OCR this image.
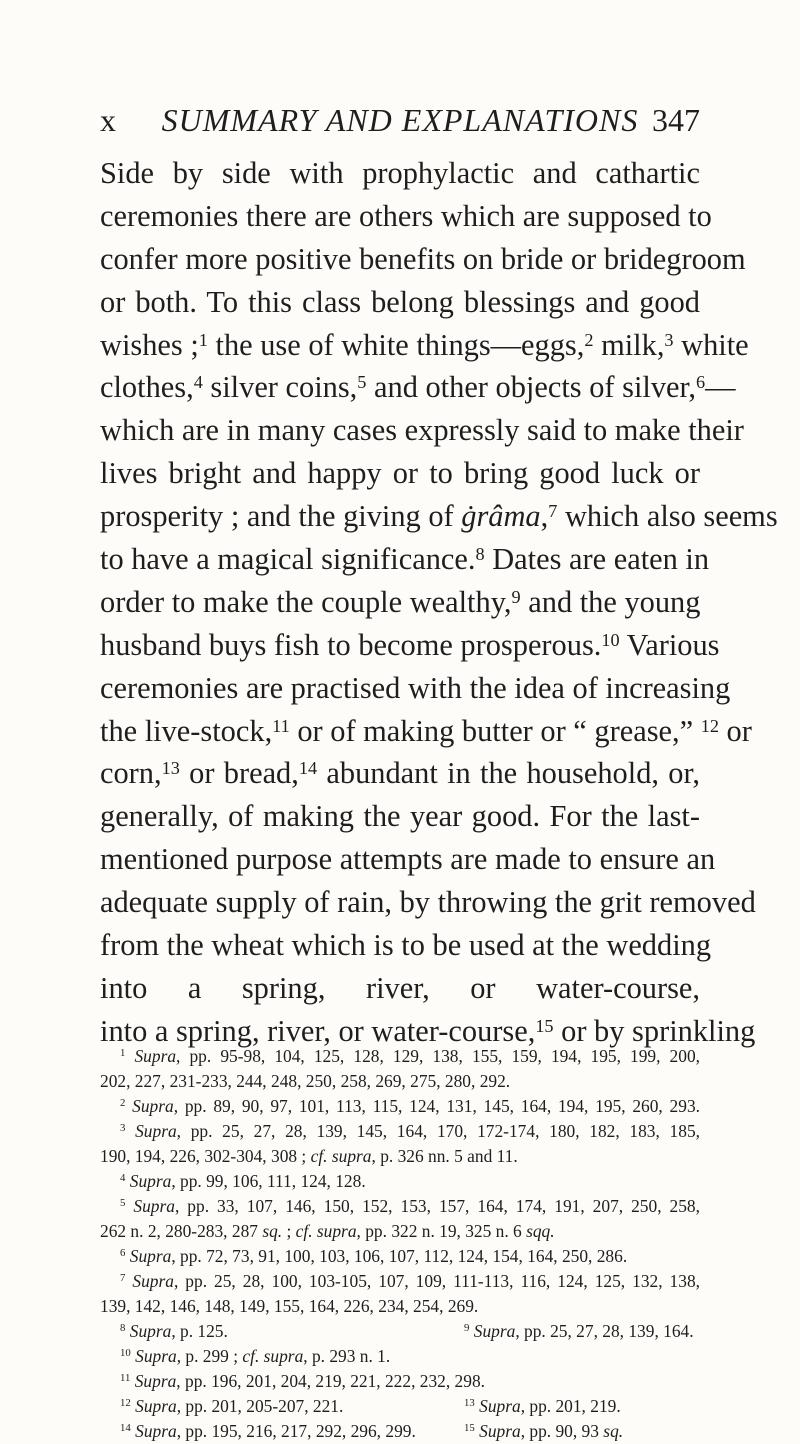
x	SUMMARY AND EXPLANATIONS 347
Side by side with prophylactic and cathartic
ceremonies there are others which are supposed to
confer more positive benefits on bride or bridegroom
or both. To this class belong blessings and good
wishes ;$^1$ the use of white things—eggs,$^2$ milk,$^3$ white
clothes,$^4$ silver coins,$^5$ and other objects of silver,$^6$—
which are in many cases expressly said to make their
lives bright and happy or to bring good luck or
prosperity ; and the giving of ġrâma,$^7$ which also seems
to have a magical significance.$^8$ Dates are eaten in
order to make the couple wealthy,$^9$ and the young
husband buys fish to become prosperous.$^{10}$ Various
ceremonies are practised with the idea of increasing
the live-stock,$^{11}$ or of making butter or “ grease,” $^{12}$ or
corn,$^{13}$ or bread,$^{14}$ abundant in the household, or,
generally, of making the year good. For the last-
mentioned purpose attempts are made to ensure an
adequate supply of rain, by throwing the grit removed
from the wheat which is to be used at the wedding
into a spring, river, or water-course,
into a spring, river, or water-course,$^{15}$ or by sprinkling
$^1$ Supra, pp. 95-98, 104, 125, 128, 129, 138, 155, 159, 194, 195, 199, 200,
202, 227, 231-233, 244, 248, 250, 258, 269, 275, 280, 292.
$^2$ Supra, pp. 89, 90, 97, 101, 113, 115, 124, 131, 145, 164, 194, 195, 260, 293.
$^3$ Supra, pp. 25, 27, 28, 139, 145, 164, 170, 172-174, 180, 182, 183, 185,
190, 194, 226, 302-304, 308 ; cf. supra, p. 326 nn. 5 and 11.
$^4$ Supra, pp. 99, 106, 111, 124, 128.
$^5$ Supra, pp. 33, 107, 146, 150, 152, 153, 157, 164, 174, 191, 207, 250, 258,
262 n. 2, 280-283, 287 sq. ; cf. supra, pp. 322 n. 19, 325 n. 6 sqq.
$^6$ Supra, pp. 72, 73, 91, 100, 103, 106, 107, 112, 124, 154, 164, 250, 286.
$^7$ Supra, pp. 25, 28, 100, 103-105, 107, 109, 111-113, 116, 124, 125, 132, 138,
139, 142, 146, 148, 149, 155, 164, 226, 234, 254, 269.
$^8$ Supra, p. 125.	$^9$ Supra, pp. 25, 27, 28, 139, 164.
$^{10}$ Supra, p. 299 ; cf. supra, p. 293 n. 1.
$^{11}$ Supra, pp. 196, 201, 204, 219, 221, 222, 232, 298.
$^{12}$ Supra, pp. 201, 205-207, 221.	$^{13}$ Supra, pp. 201, 219.
$^{14}$ Supra, pp. 195, 216, 217, 292, 296, 299.	$^{15}$ Supra, pp. 90, 93 sq.
